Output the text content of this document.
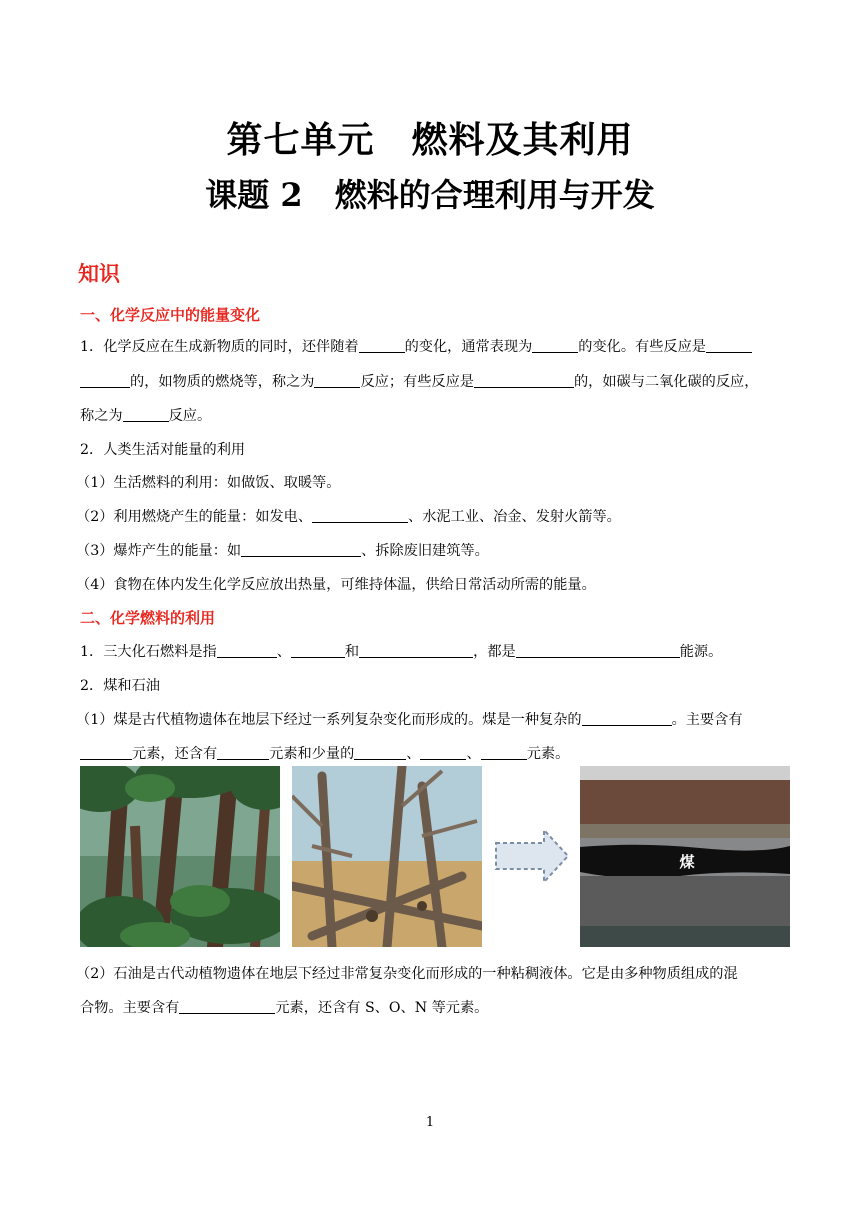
第七单元　燃料及其利用
课题 2　燃料的合理利用与开发
知识
一、化学反应中的能量变化
1．化学反应在生成新物质的同时，还伴随着	的变化，通常表现为	的变化。有些反应是
的，如物质的燃烧等，称之为	反应；有些反应是	的，如碳与二氧化碳的反应，
称之为	反应。
2．人类生活对能量的利用
（1）生活燃料的利用：如做饭、取暖等。
（2）利用燃烧产生的能量：如发电、	、水泥工业、冶金、发射火箭等。
（3）爆炸产生的能量：如	、拆除废旧建筑等。
（4）食物在体内发生化学反应放出热量，可维持体温，供给日常活动所需的能量。
二、化学燃料的利用
1．三大化石燃料是指	、	和	，都是	能源。
2．煤和石油
（1）煤是古代植物遗体在地层下经过一系列复杂变化而形成的。煤是一种复杂的	。主要含有
元素，还含有	元素和少量的	、	、	元素。
煤
（2）石油是古代动植物遗体在地层下经过非常复杂变化而形成的一种粘稠液体。它是由多种物质组成的混
合物。主要含有	元素，还含有 S、O、N 等元素。
1
